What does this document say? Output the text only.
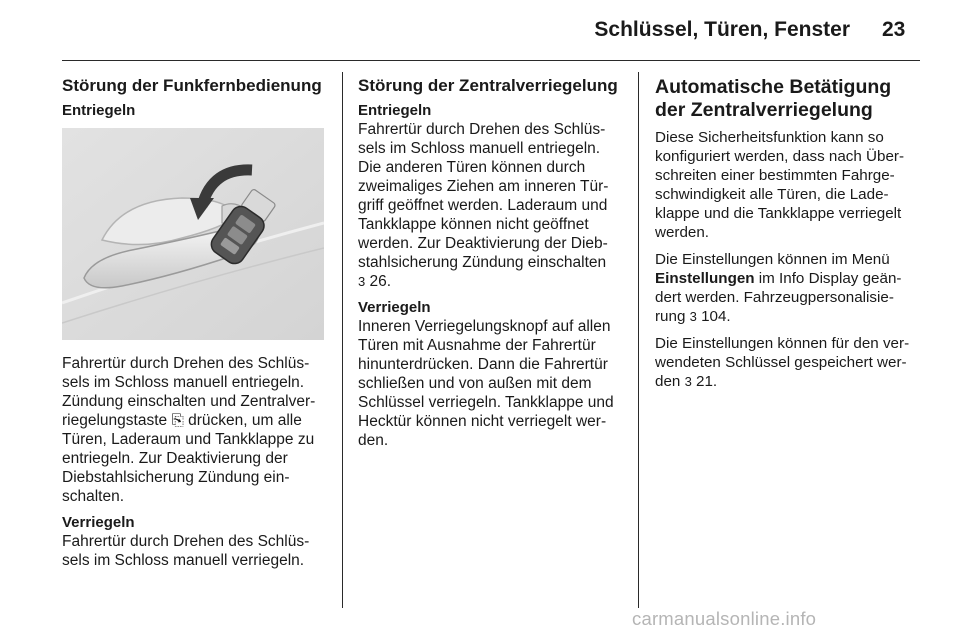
Schlüssel, Türen, Fenster 23
Störung der Funkfernbedienung
Entriegeln

Fahrertür durch Drehen des Schlüs- sels im Schloss manuell entriegeln. Zündung einschalten und Zentralver- riegelungstaste ⎘ drücken, um alle Türen, Laderaum und Tankklappe zu entriegeln. Zur Deaktivierung der Diebstahlsicherung Zündung ein- schalten.

Verriegeln

Fahrertür durch Drehen des Schlüs- sels im Schloss manuell verriegeln.

Störung der Zentralverriegelung
Entriegeln

Fahrertür durch Drehen des Schlüs- sels im Schloss manuell entriegeln. Die anderen Türen können durch zweimaliges Ziehen am inneren Tür- griff geöffnet werden. Laderaum und Tankklappe können nicht geöffnet werden. Zur Deaktivierung der Dieb- stahlsicherung Zündung einschalten
3 26.

Verriegeln

Inneren Verriegelungsknopf auf allen Türen mit Ausnahme der Fahrertür hinunterdrücken. Dann die Fahrertür schließen und von außen mit dem Schlüssel verriegeln. Tankklappe und Hecktür können nicht verriegelt wer- den.

Automatische Betätigung der Zentralverriegelung

Diese Sicherheitsfunktion kann so konfiguriert werden, dass nach Über- schreiten einer bestimmten Fahrge- schwindigkeit alle Türen, die Lade- klappe und die Tankklappe verriegelt werden.

Die Einstellungen können im Menü Einstellungen im Info Display geän- dert werden. Fahrzeugpersonalisie- rung 3 104.

Die Einstellungen können für den ver- wendeten Schlüssel gespeichert wer- den 3 21.

carmanualsonline.info
